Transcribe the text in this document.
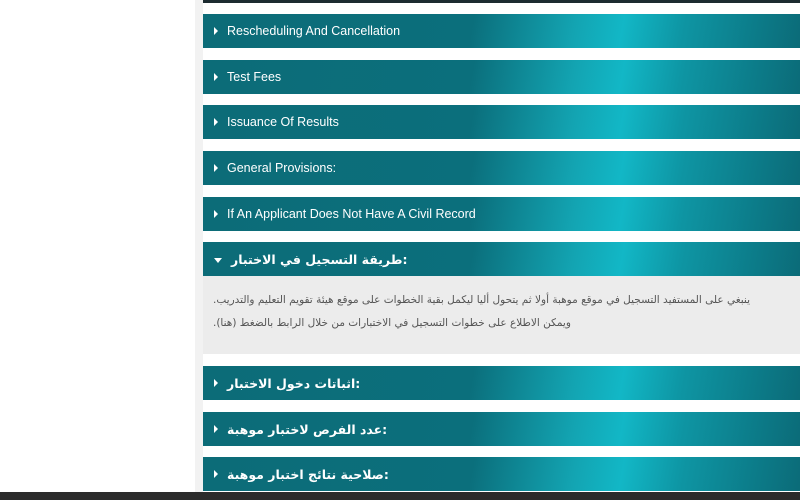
Rescheduling And Cancellation
Test Fees
Issuance Of Results
General Provisions:
If An Applicant Does Not Have A Civil Record
طريقة التسجيل في الاختبار:

ينبغي على المستفيد التسجيل في موقع موهبة أولا ثم يتحول أليا ليكمل بقية الخطوات على موقع هيئة تقويم التعليم والتدريب.

ويمكن الاطلاع على خطوات التسجيل في الاختبارات من خلال الرابط بالضغط (هنا).

اثباتات دخول الاختبار:
عدد الفرص لاختبار موهبة:
صلاحية نتائج اختبار موهبة:
